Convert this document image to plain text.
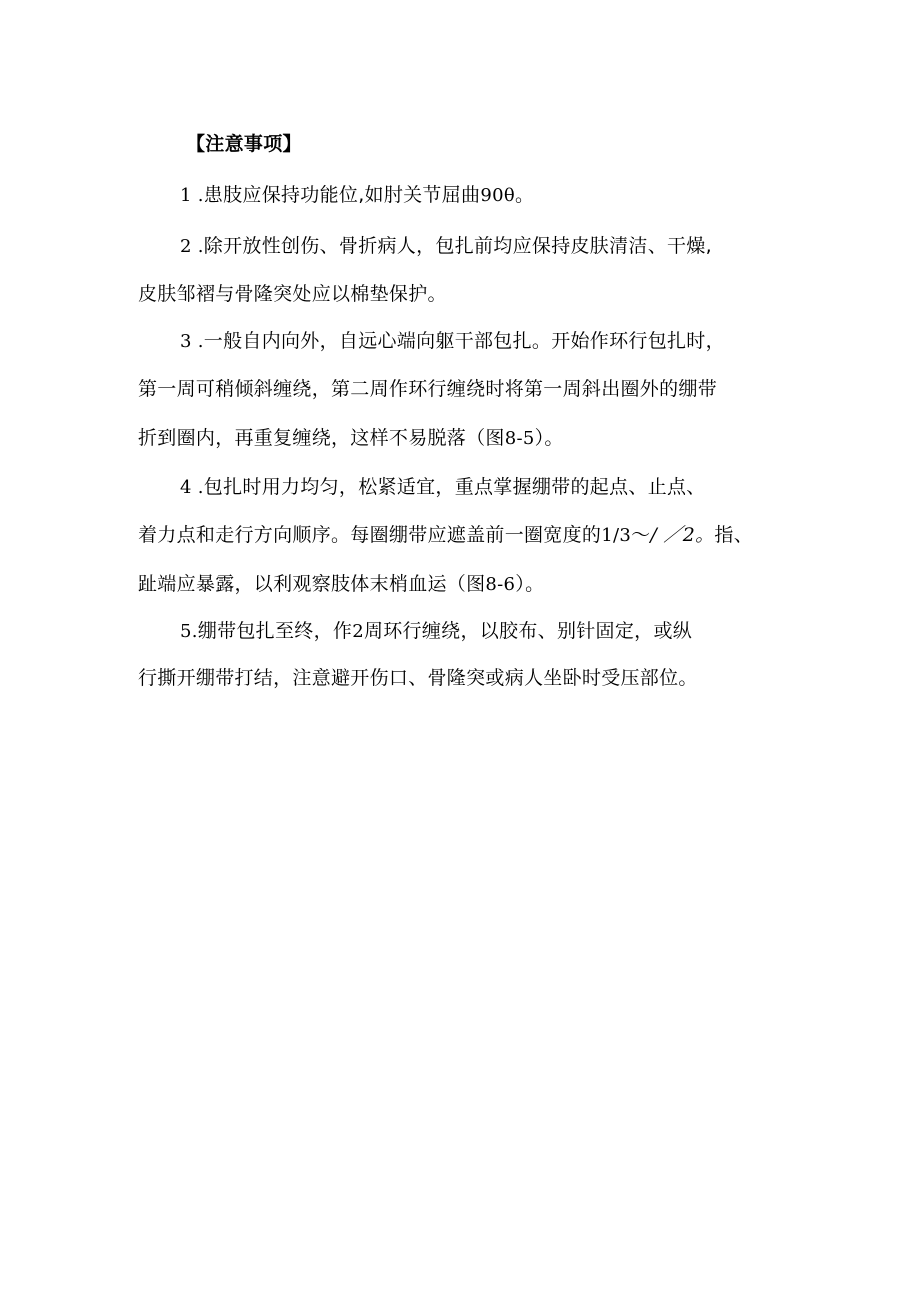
【注意事项】
1 .患肢应保持功能位,如肘关节屈曲90θ。
2 .除开放性创伤、骨折病人，包扎前均应保持皮肤清洁、干燥,
皮肤邹褶与骨隆突处应以棉垫保护。
3 .一般自内向外，自远心端向躯干部包扎。开始作环行包扎时，
第一周可稍倾斜缠绕，第二周作环行缠绕时将第一周斜出圈外的绷带
折到圈内，再重复缠绕，这样不易脱落（图8-5）。
4 .包扎时用力均匀，松紧适宜，重点掌握绷带的起点、止点、
着力点和走行方向顺序。每圈绷带应遮盖前一圈宽度的1/3～/ ／2。指、
趾端应暴露，以利观察肢体末梢血运（图8-6）。
5.绷带包扎至终，作2周环行缠绕，以胶布、别针固定，或纵
行撕开绷带打结，注意避开伤口、骨隆突或病人坐卧时受压部位。
